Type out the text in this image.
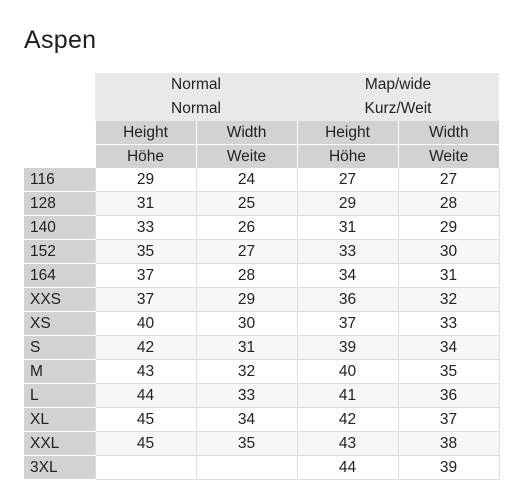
Aspen
	Normal		Map/wide	
	Normal		Kurz/Weit	
	Height	Width	Height	Width
	Höhe	Weite	Höhe	Weite
116	29	24	27	27
128	31	25	29	28
140	33	26	31	29
152	35	27	33	30
164	37	28	34	31
XXS	37	29	36	32
XS	40	30	37	33
S	42	31	39	34
M	43	32	40	35
L	44	33	41	36
XL	45	34	42	37
XXL	45	35	43	38
3XL			44	39
